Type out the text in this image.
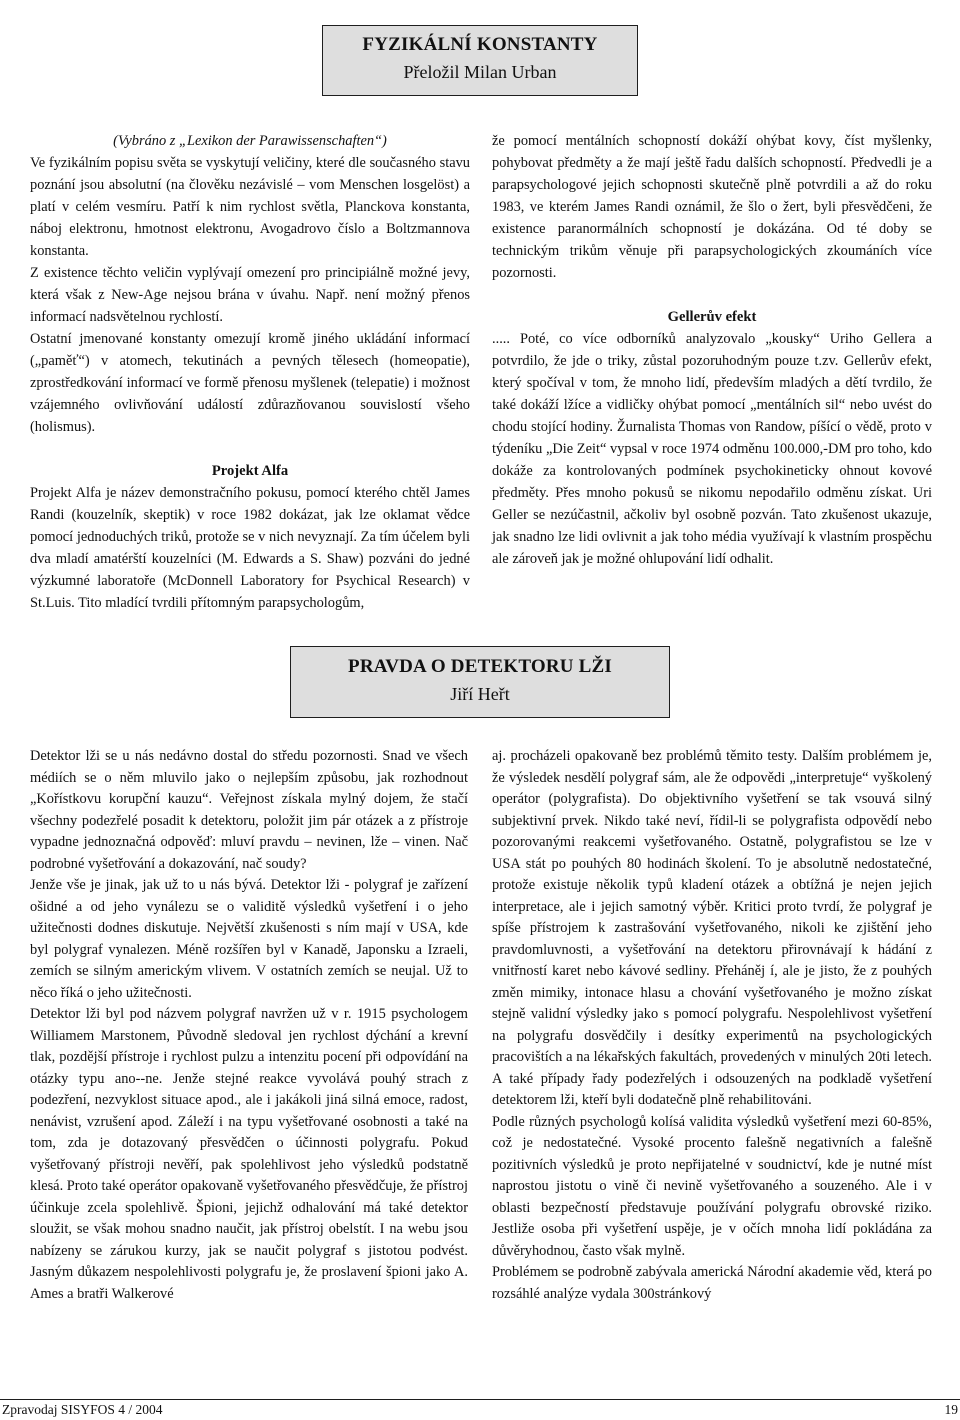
FYZIKÁLNÍ KONSTANTY
Přeložil Milan Urban

(Vybráno z „Lexikon der Parawissenschaften“)

Ve fyzikálním popisu světa se vyskytují veličiny, které dle současného stavu poznání jsou absolutní (na člověku nezávislé – vom Menschen losgelöst) a platí v celém vesmíru. Patří k nim rychlost světla, Planckova konstanta, náboj elektronu, hmotnost elektronu, Avogadrovo číslo a Boltzmannova konstanta.

Z existence těchto veličin vyplývají omezení pro principiálně možné jevy, která však z New-Age nejsou brána v úvahu. Např. není možný přenos informací nadsvětelnou rychlostí.

Ostatní jmenované konstanty omezují kromě jiného ukládání informací („paměť“) v atomech, tekutinách a pevných tělesech (homeopatie), zprostředkování informací ve formě přenosu myšlenek (telepatie) i možnost vzájemného ovlivňování událostí zdůrazňovanou souvislostí všeho (holismus).

Projekt Alfa

Projekt Alfa je název demonstračního pokusu, pomocí kterého chtěl James Randi (kouzelník, skeptik) v roce 1982 dokázat, jak lze oklamat vědce pomocí jednoduchých triků, protože se v nich nevyznají. Za tím účelem byli dva mladí amatérští kouzelníci (M. Edwards a S. Shaw) pozváni do jedné výzkumné laboratoře (McDonnell Laboratory for Psychical Research) v St.Luis. Tito mladící tvrdili přítomným parapsychologům,

že pomocí mentálních schopností dokáží ohýbat kovy, číst myšlenky, pohybovat předměty a že mají ještě řadu dalších schopností. Předvedli je a parapsychologové jejich schopnosti skutečně plně potvrdili a až do roku 1983, ve kterém James Randi oznámil, že šlo o žert, byli přesvědčeni, že existence paranormálních schopností je dokázána. Od té doby se technickým trikům věnuje při parapsychologických zkoumáních více pozornosti.

Gellerův efekt

..... Poté, co více odborníků analyzovalo „kousky“ Uriho Gellera a potvrdilo, že jde o triky, zůstal pozoruhodným pouze t.zv. Gellerův efekt, který spočíval v tom, že mnoho lidí, především mladých a dětí tvrdilo, že také dokáží lžíce a vidličky ohýbat pomocí „mentálních sil“ nebo uvést do chodu stojící hodiny. Žurnalista Thomas von Randow, píšící o vědě, proto v týdeníku „Die Zeit“ vypsal v roce 1974 odměnu 100.000,-DM pro toho, kdo dokáže za kontrolovaných podmínek psychokineticky ohnout kovové předměty. Přes mnoho pokusů se nikomu nepodařilo odměnu získat. Uri Geller se nezúčastnil, ačkoliv byl osobně pozván. Tato zkušenost ukazuje, jak snadno lze lidi ovlivnit a jak toho média využívají k vlastním prospěchu ale zároveň jak je možné ohlupování lidí odhalit.

PRAVDA O DETEKTORU LŽI
Jiří Heřt

Detektor lži se u nás nedávno dostal do středu pozornosti. Snad ve všech médiích se o něm mluvilo jako o nejlepším způsobu, jak rozhodnout „Kořístkovu korupční kauzu“. Veřejnost získala mylný dojem, že stačí všechny podezřelé posadit k detektoru, položit jim pár otázek a z přístroje vypadne jednoznačná odpověď: mluví pravdu – nevinen, lže – vinen. Nač podrobné vyšetřování a dokazování, nač soudy?

Jenže vše je jinak, jak už to u nás bývá. Detektor lži - polygraf je zařízení ošidné a od jeho vynálezu se o validitě výsledků vyšetření i o jeho užitečnosti dodnes diskutuje. Největší zkušenosti s ním mají v USA, kde byl polygraf vynalezen. Méně rozšířen byl v Kanadě, Japonsku a Izraeli, zemích se silným americkým vlivem. V ostatních zemích se neujal. Už to něco říká o jeho užitečnosti.

Detektor lži byl pod názvem polygraf navržen už v r. 1915 psychologem Williamem Marstonem, Původně sledoval jen rychlost dýchání a krevní tlak, pozdější přístroje i rychlost pulzu a intenzitu pocení při odpovídání na otázky typu ano--ne. Jenže stejné reakce vyvolává pouhý strach z podezření, nezvyklost situace apod., ale i jakákoli jiná silná emoce, radost, nenávist, vzrušení apod. Záleží i na typu vyšetřované osobnosti a také na tom, zda je dotazovaný přesvědčen o účinnosti polygrafu. Pokud vyšetřovaný přístroji nevěří, pak spolehlivost jeho výsledků podstatně klesá. Proto také operátor opakovaně vyšetřovaného přesvědčuje, že přístroj účinkuje zcela spolehlivě. Špioni, jejichž odhalování má také detektor sloužit, se však mohou snadno naučit, jak přístroj obelstít. I na webu jsou nabízeny se zárukou kurzy, jak se naučit polygraf s jistotou podvést. Jasným důkazem nespolehlivosti polygrafu je, že proslavení špioni jako A. Ames a bratři Walkerové

aj. procházeli opakovaně bez problémů těmito testy. Dalším problémem je, že výsledek nesdělí polygraf sám, ale že odpovědi „interpretuje“ vyškolený operátor (polygrafista). Do objektivního vyšetření se tak vsouvá silný subjektivní prvek. Nikdo také neví, řídil-li se polygrafista odpovědí nebo pozorovanými reakcemi vyšetřovaného. Ostatně, polygrafistou se lze v USA stát po pouhých 80 hodinách školení. To je absolutně nedostatečné, protože existuje několik typů kladení otázek a obtížná je nejen jejich interpretace, ale i jejich samotný výběr. Kritici proto tvrdí, že polygraf je spíše přístrojem k zastrašování vyšetřovaného, nikoli ke zjištění jeho pravdomluvnosti, a vyšetřování na detektoru přirovnávají k hádání z vnitřností karet nebo kávové sedliny. Přeháněj í, ale je jisto, že z pouhých změn mimiky, intonace hlasu a chování vyšetřovaného je možno získat stejně validní výsledky jako s pomocí polygrafu. Nespolehlivost vyšetření na polygrafu dosvědčily i desítky experimentů na psychologických pracovištích a na lékařských fakultách, provedených v minulých 20ti letech. A také případy řady podezřelých i odsouzených na podkladě vyšetření detektorem lži, kteří byli dodatečně plně rehabilitováni.

Podle různých psychologů kolísá validita výsledků vyšetření mezi 60-85%, což je nedostatečné. Vysoké procento falešně negativních a falešně pozitivních výsledků je proto nepřijatelné v soudnictví, kde je nutné míst naprostou jistotu o vině či nevině vyšetřovaného a souzeného. Ale i v oblasti bezpečností představuje používání polygrafu obrovské riziko. Jestliže osoba při vyšetření uspěje, je v očích mnoha lidí pokládána za důvěryhodnou, často však mylně.

Problémem se podrobně zabývala americká Národní akademie věd, která po rozsáhlé analýze vydala 300stránkový

Zpravodaj SISYFOS 4 / 2004	19
